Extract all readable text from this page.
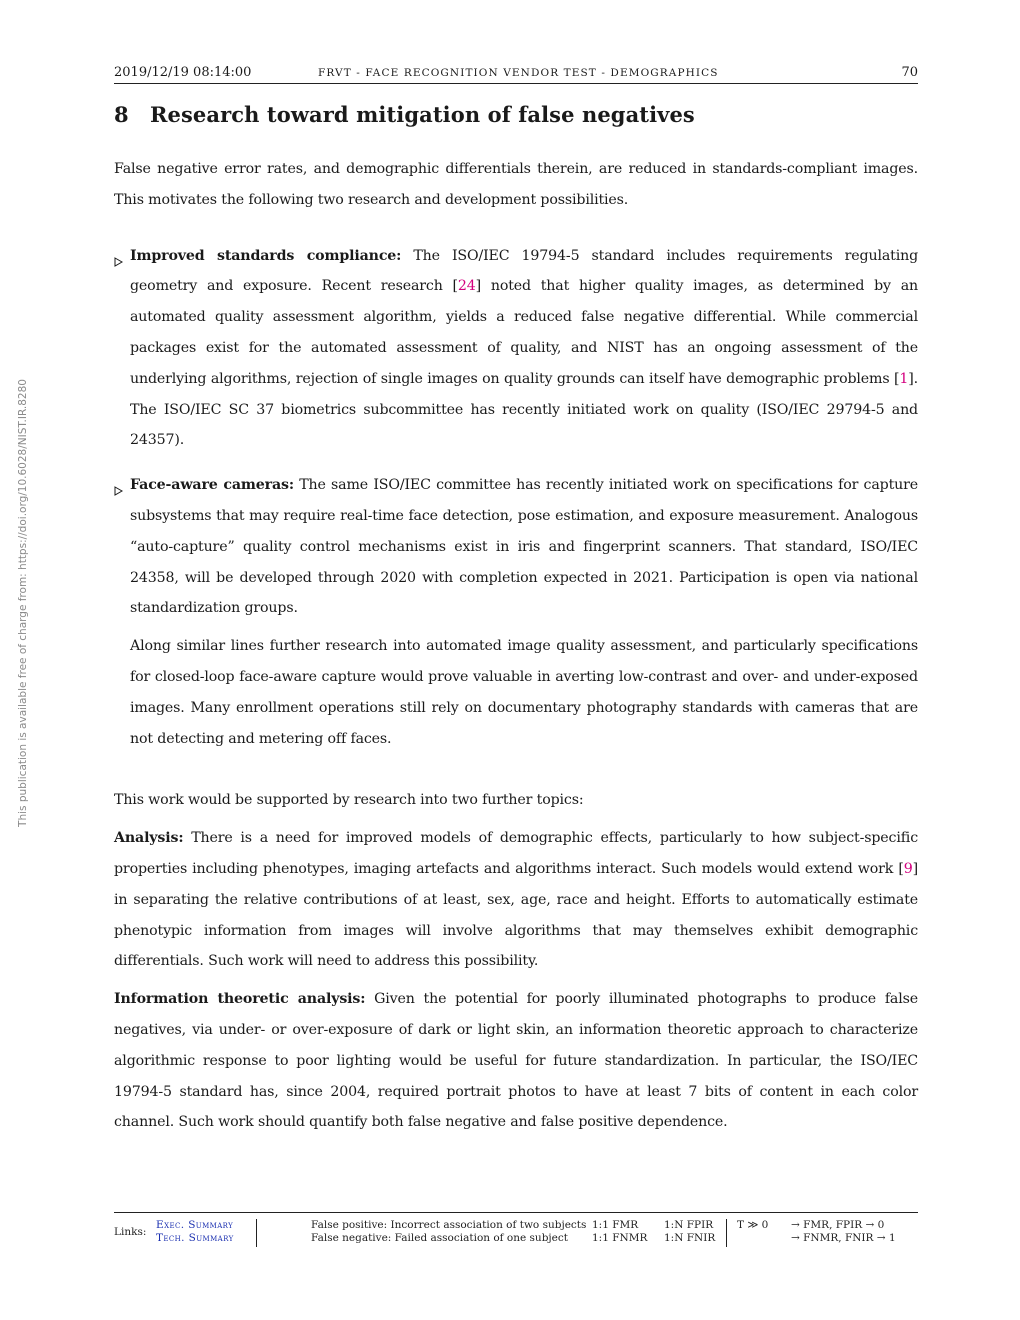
This publication is available free of charge from: https://doi.org/10.6028/NIST.IR.8280
2019/12/19 08:14:00	FRVT - FACE RECOGNITION VENDOR TEST - DEMOGRAPHICS	70
8 Research toward mitigation of false negatives

False negative error rates, and demographic differentials therein, are reduced in standards-compliant images. This motivates the following two research and development possibilities.

Improved standards compliance: The ISO/IEC 19794-5 standard includes requirements regulating geometry and exposure. Recent research [24] noted that higher quality images, as determined by an automated quality assessment algorithm, yields a reduced false negative differential. While commercial packages exist for the automated assessment of quality, and NIST has an ongoing assessment of the underlying algorithms, rejection of single images on quality grounds can itself have demographic problems [1]. The ISO/IEC SC 37 biometrics subcommittee has recently initiated work on quality (ISO/IEC 29794-5 and 24357).

Face-aware cameras: The same ISO/IEC committee has recently initiated work on specifications for capture subsystems that may require real-time face detection, pose estimation, and exposure measurement. Analogous “auto-capture” quality control mechanisms exist in iris and fingerprint scanners. That standard, ISO/IEC 24358, will be developed through 2020 with completion expected in 2021. Participation is open via national standardization groups.

Along similar lines further research into automated image quality assessment, and particularly specifications for closed-loop face-aware capture would prove valuable in averting low-contrast and over- and under-exposed images. Many enrollment operations still rely on documentary photography standards with cameras that are not detecting and metering off faces.

This work would be supported by research into two further topics:

Analysis: There is a need for improved models of demographic effects, particularly to how subject-specific properties including phenotypes, imaging artefacts and algorithms interact. Such models would extend work [9] in separating the relative contributions of at least, sex, age, race and height. Efforts to automatically estimate phenotypic information from images will involve algorithms that may themselves exhibit demographic differentials. Such work will need to address this possibility.

Information theoretic analysis: Given the potential for poorly illuminated photographs to produce false negatives, via under- or over-exposure of dark or light skin, an information theoretic approach to characterize algorithmic response to poor lighting would be useful for future standardization. In particular, the ISO/IEC 19794-5 standard has, since 2004, required portrait photos to have at least 7 bits of content in each color channel. Such work should quantify both false negative and false positive dependence.

Links:
Exec. Summary
Tech. Summary
False positive: Incorrect association of two subjects
False negative: Failed association of one subject
1:1 FMR
1:1 FNMR
1:N FPIR
1:N FNIR
T ≫ 0 → FMR, FPIR → 0
→ FNMR, FNIR → 1
